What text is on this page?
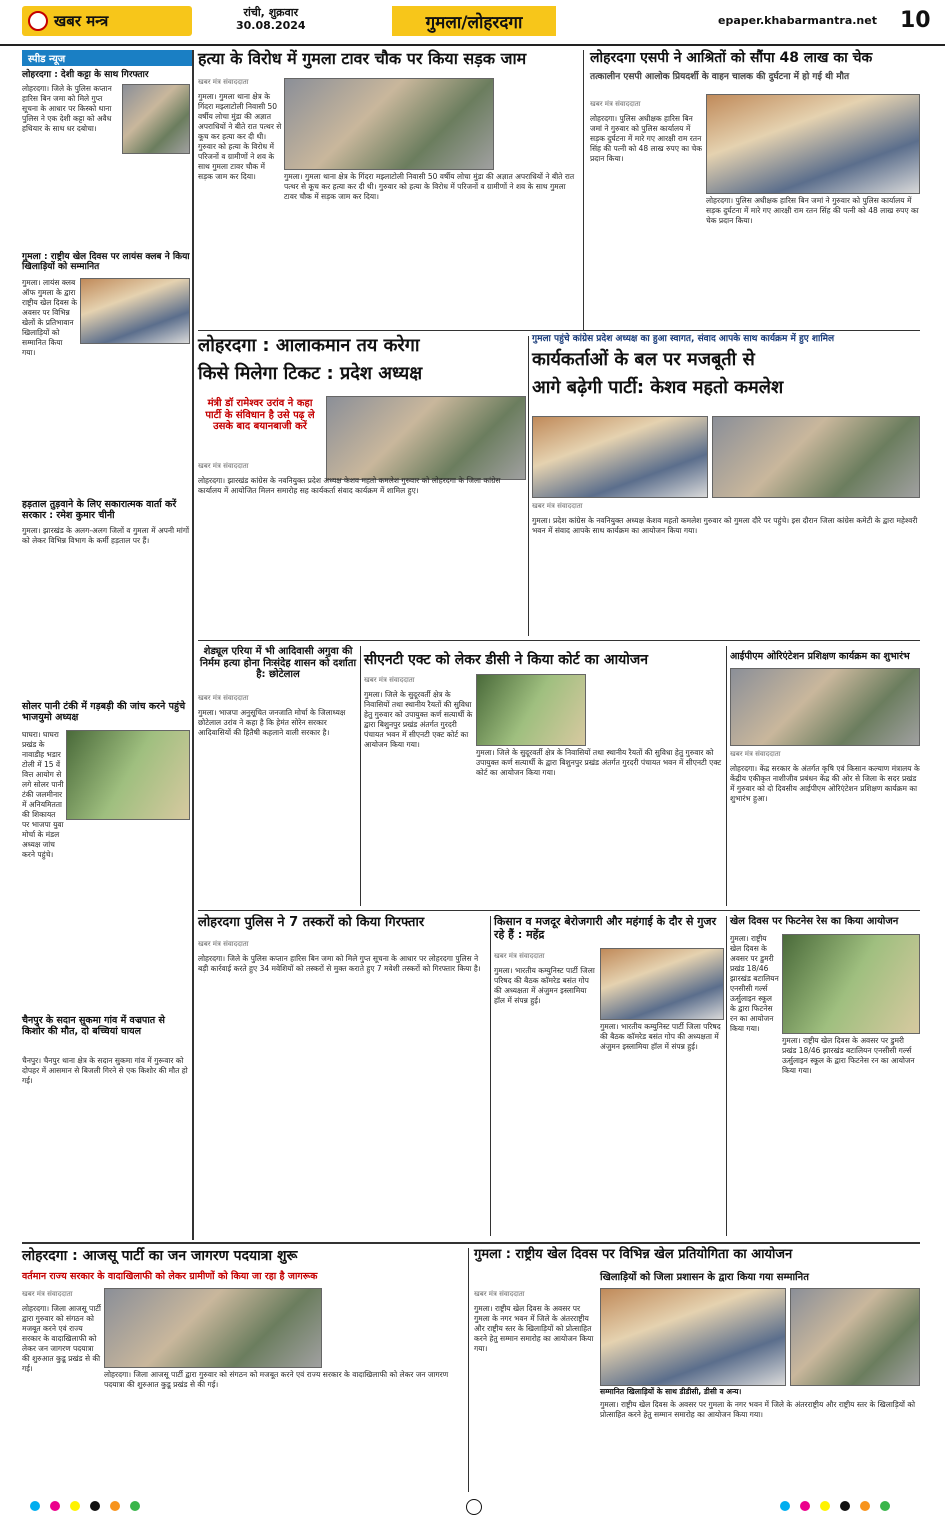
खबर मन्त्र	रांची, शुक्रवार
30.08.2024	गुमला/लोहरदगा	epaper.khabarmantra.net 10
स्पीड न्यूज
लोहरदगा : देशी कट्टा के साथ गिरफ्तार
लोहरदगा। जिले के पुलिस कप्तान हारिस बिन जमा को मिले गुप्त सूचना के आधार पर किस्को थाना पुलिस ने एक देशी कट्टा को अवैध हथियार के साथ धर दबोचा।
गुमला : राष्ट्रीय खेल दिवस पर लायंस क्लब ने किया खिलाड़ियों को सम्मानित
गुमला। लायंस क्लब ऑफ गुमला के द्वारा राष्ट्रीय खेल दिवस के अवसर पर विभिन्न खेलों के प्रतिभावान खिलाड़ियों को सम्मानित किया गया।
हड़ताल तुड़वाने के लिए सकारात्मक वार्ता करें सरकार : रमेश कुमार चीनी
गुमला। झारखंड के अलग-अलग जिलों व गुमला में अपनी मांगों को लेकर विभिन्न विभाग के कर्मी हड़ताल पर हैं।
सोलर पानी टंकी में गड़बड़ी की जांच करने पहुंचे भाजयुमो अध्यक्ष
घाघरा। घाघरा प्रखंड के नावाडीह भडार टोली में 15 वें वित्त आयोग से लगे सोलर पानी टंकी जलमीनार में अनियमितता की शिकायत पर भाजपा युवा मोर्चा के मंडल अध्यक्ष जांच करने पहुंचे।
चैनपुर के सदान सुकमा गांव में वज्रपात से किशोर की मौत, दो बच्चियां घायल
चैनपुर। चैनपुर थाना क्षेत्र के सदान सुकमा गांव में गुरूवार को दोपहर में आसमान से बिजली गिरने से एक किशोर की मौत हो गई।
हत्या के विरोध में गुमला टावर चौक पर किया सड़क जाम
खबर मंत्र संवाददाता
गुमला। गुमला थाना क्षेत्र के गिंदरा मझ्लाटोली निवासी 50 वर्षीय लोचा मुंडा की अज्ञात अपराधियों ने बीते रात पत्थर से कूच कर हत्या कर दी थी। गुरुवार को हत्या के विरोध में परिजनों व ग्रामीणों ने शव के साथ गुमला टावर चौक में सड़क जाम कर दिया।	गुमला। गुमला थाना क्षेत्र के गिंदरा मझ्लाटोली निवासी 50 वर्षीय लोचा मुंडा की अज्ञात अपराधियों ने बीते रात पत्थर से कूच कर हत्या कर दी थी। गुरुवार को हत्या के विरोध में परिजनों व ग्रामीणों ने शव के साथ गुमला टावर चौक में सड़क जाम कर दिया।
लोहरदगा एसपी ने आश्रितों को सौंपा 48 लाख का चेक
तत्कालीन एसपी आलोक प्रियदर्शी के वाहन चालक की दुर्घटना में हो गई थी मौत
खबर मंत्र संवाददाता
लोहरदगा। पुलिस अधीक्षक हारिस बिन जमां ने गुरुवार को पुलिस कार्यालय में सड़क दुर्घटना में मारे गए आरक्षी राम रतन सिंह की पत्नी को 48 लाख रुपए का चेक प्रदान किया।
लोहरदगा। पुलिस अधीक्षक हारिस बिन जमां ने गुरुवार को पुलिस कार्यालय में सड़क दुर्घटना में मारे गए आरक्षी राम रतन सिंह की पत्नी को 48 लाख रुपए का चेक प्रदान किया।
लोहरदगा : आलाकमान तय करेगा
किसे मिलेगा टिकट : प्रदेश अध्यक्ष
मंत्री डॉ रामेश्वर उरांव ने कहा पार्टी के संविधान है उसे पढ़ ले उसके बाद बयानबाजी करें
खबर मंत्र संवाददाता
लोहरदगा। झारखंड कांग्रेस के नवनियुक्त प्रदेश अध्यक्ष केशव महतो कमलेश गुरुवार को लोहरदगा के जिला कांग्रेस कार्यालय में आयोजित मिलन समारोह सह कार्यकर्ता संवाद कार्यक्रम में शामिल हुए।
गुमला पहुंचे कांग्रेस प्रदेश अध्यक्ष का हुआ स्वागत, संवाद आपके साथ कार्यक्रम में हुए शामिल
कार्यकर्ताओं के बल पर मजबूती से
आगे बढ़ेगी पार्टी: केशव महतो कमलेश
खबर मंत्र संवाददाता
गुमला। प्रदेश कांग्रेस के नवनियुक्त अध्यक्ष केशव महतो कमलेश गुरुवार को गुमला दौरे पर पहुंचे। इस दौरान जिला कांग्रेस कमेटी के द्वारा महेश्वरी भवन में संवाद आपके साथ कार्यक्रम का आयोजन किया गया।
शेड्यूल एरिया में भी आदिवासी अगुवा की निर्मम हत्या होना निःसंदेह शासन को दर्शाता है: छोटेलाल
खबर मंत्र संवाददाता
गुमला। भाजपा अनुसूचित जनजाति मोर्चा के जिलाध्यक्ष छोटेलाल उरांव ने कहा है कि हेमंत सोरेन सरकार आदिवासियों की हितैषी कहलाने वाली सरकार है।
सीएनटी एक्ट को लेकर डीसी ने किया कोर्ट का आयोजन
खबर मंत्र संवाददाता
गुमला। जिले के सुदूरवर्ती क्षेत्र के निवासियों तथा स्थानीय रैयतों की सुविधा हेतु गुरुवार को उपायुक्त कर्ण सत्यार्थी के द्वारा बिशुनपुर प्रखंड अंतर्गत गुरदरी पंचायत भवन में सीएनटी एक्ट कोर्ट का आयोजन किया गया।
गुमला। जिले के सुदूरवर्ती क्षेत्र के निवासियों तथा स्थानीय रैयतों की सुविधा हेतु गुरुवार को उपायुक्त कर्ण सत्यार्थी के द्वारा बिशुनपुर प्रखंड अंतर्गत गुरदरी पंचायत भवन में सीएनटी एक्ट कोर्ट का आयोजन किया गया।
आईपीएम ओरिएंटेशन प्रशिक्षण कार्यक्रम का शुभारंभ
खबर मंत्र संवाददाता
लोहरदगा। केंद्र सरकार के अंतर्गत कृषि एवं किसान कल्याण मंत्रालय के केंद्रीय एकीकृत नाशीजीव प्रबंधन केंद्र की ओर से जिला के सदर प्रखंड में गुरुवार को दो दिवसीय आईपीएम ओरिएंटेशन प्रशिक्षण कार्यक्रम का शुभारंभ हुआ।
लोहरदगा पुलिस ने 7 तस्करों को किया गिरफ्तार
खबर मंत्र संवाददाता
लोहरदगा। जिले के पुलिस कप्तान हारिस बिन जमा को मिले गुप्त सूचना के आधार पर लोहरदगा पुलिस ने बड़ी कार्रवाई करते हुए 34 मवेशियों को तस्करों से मुक्त कराते हुए 7 मवेशी तस्करों को गिरफ्तार किया है।
किसान व मजदूर बेरोजगारी और महंगाई के दौर से गुजर रहे हैं : महेंद्र
खबर मंत्र संवाददाता
गुमला। भारतीय कम्युनिस्ट पार्टी जिला परिषद की बैठक कॉमरेड बसंत गोप की अध्यक्षता में अंजुमन इस्लामिया हॉल में संपन्न हुई।
गुमला। भारतीय कम्युनिस्ट पार्टी जिला परिषद की बैठक कॉमरेड बसंत गोप की अध्यक्षता में अंजुमन इस्लामिया हॉल में संपन्न हुई।
खेल दिवस पर फिटनेस रेस का किया आयोजन
गुमला। राष्ट्रीय खेल दिवस के अवसर पर डुमरी प्रखंड 18/46 झारखंड बटालियन एनसीसी गर्ल्स ऊर्सुलाइन स्कूल के द्वारा फिटनेस रन का आयोजन किया गया।
गुमला। राष्ट्रीय खेल दिवस के अवसर पर डुमरी प्रखंड 18/46 झारखंड बटालियन एनसीसी गर्ल्स ऊर्सुलाइन स्कूल के द्वारा फिटनेस रन का आयोजन किया गया।
लोहरदगा : आजसू पार्टी का जन जागरण पदयात्रा शुरू
वर्तमान राज्य सरकार के वादाखिलाफी को लेकर ग्रामीणों को किया जा रहा है जागरूक
खबर मंत्र संवाददाता
लोहरदगा। जिला आजसू पार्टी द्वारा गुरुवार को संगठन को मजबूत करने एवं राज्य सरकार के वादाखिलाफी को लेकर जन जागरण पदयात्रा की शुरुआत कुडू प्रखंड से की गई।
लोहरदगा। जिला आजसू पार्टी द्वारा गुरुवार को संगठन को मजबूत करने एवं राज्य सरकार के वादाखिलाफी को लेकर जन जागरण पदयात्रा की शुरुआत कुडू प्रखंड से की गई।
गुमला : राष्ट्रीय खेल दिवस पर विभिन्न खेल प्रतियोगिता का आयोजन
खिलाड़ियों को जिला प्रशासन के द्वारा किया गया सम्मानित
खबर मंत्र संवाददाता
सम्मानित खिलाड़ियों के साथ डीडीसी, डीसी व अन्य।
गुमला। राष्ट्रीय खेल दिवस के अवसर पर गुमला के नगर भवन में जिले के अंतरराष्ट्रीय और राष्ट्रीय स्तर के खिलाड़ियों को प्रोत्साहित करने हेतु सम्मान समारोह का आयोजन किया गया।
गुमला। राष्ट्रीय खेल दिवस के अवसर पर गुमला के नगर भवन में जिले के अंतरराष्ट्रीय और राष्ट्रीय स्तर के खिलाड़ियों को प्रोत्साहित करने हेतु सम्मान समारोह का आयोजन किया गया।
